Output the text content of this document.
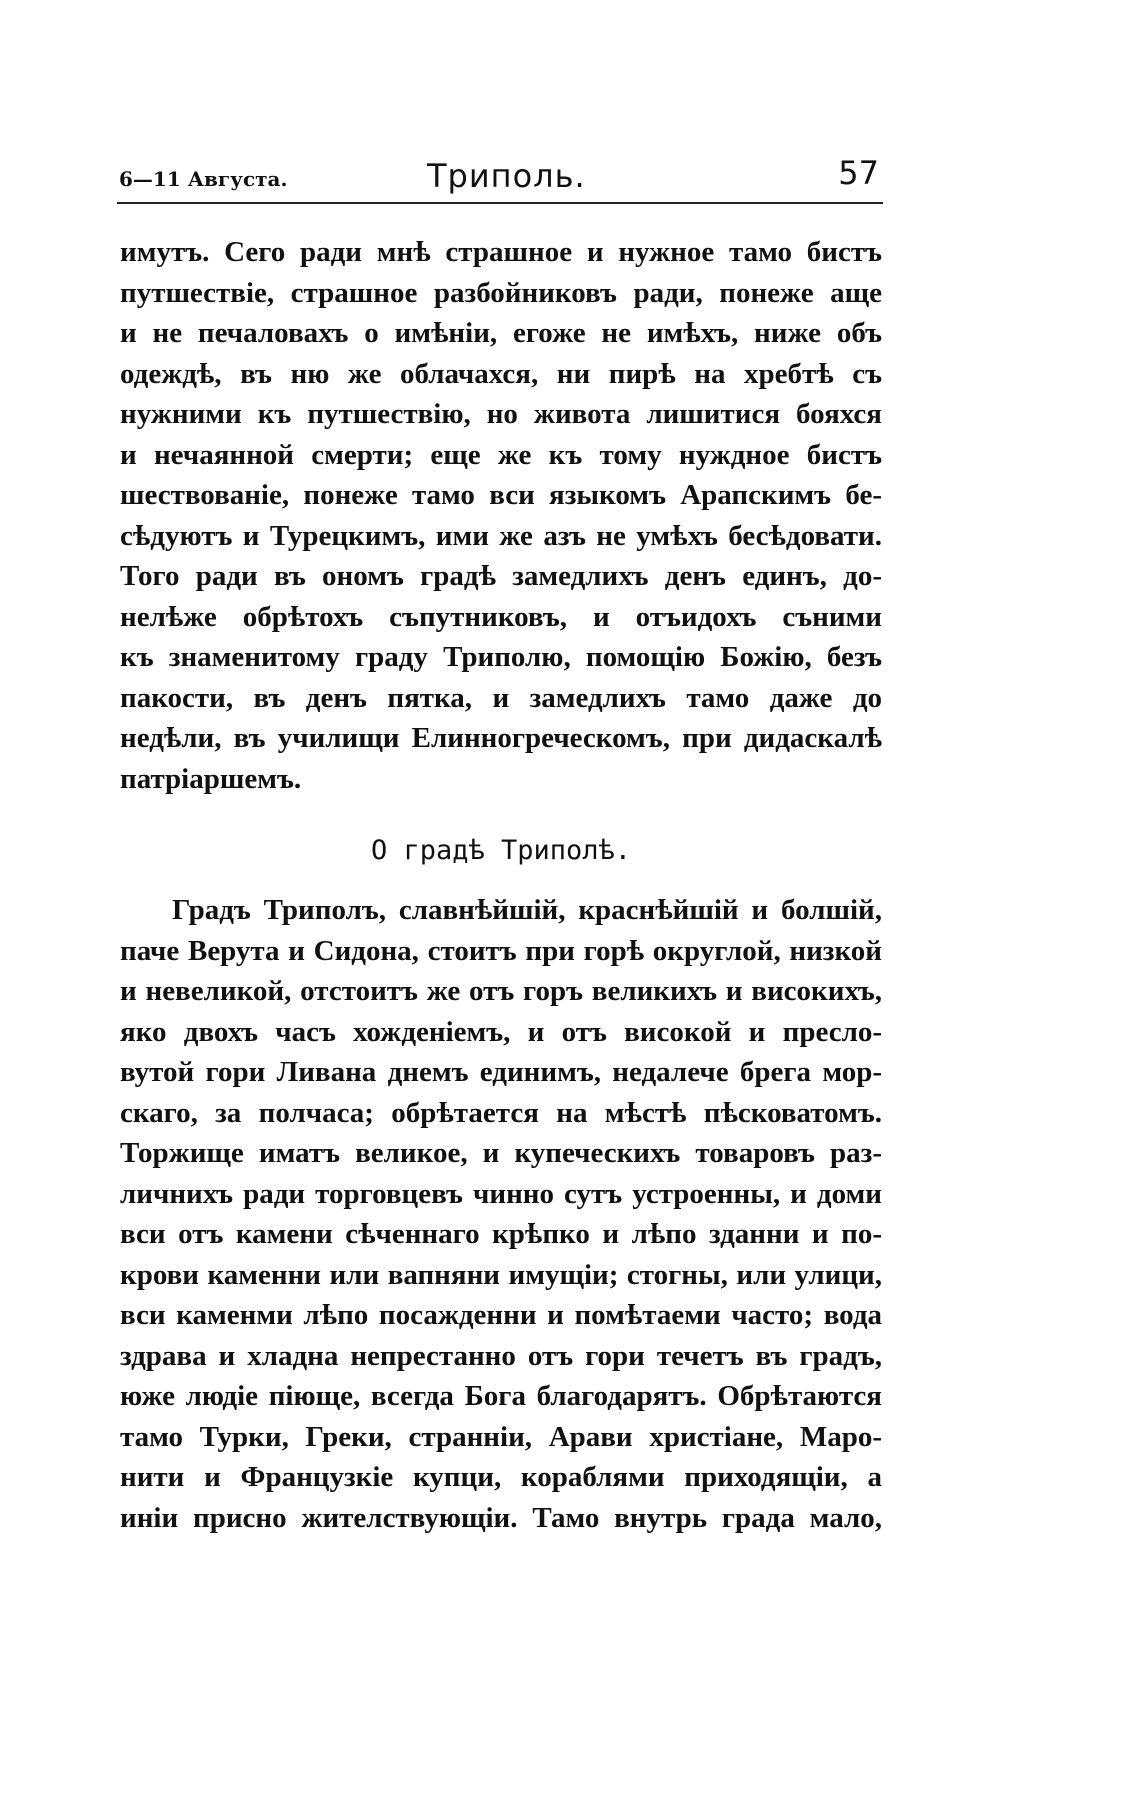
6—11 Августа.	Триполь.	57
имутъ. Сего ради мнѣ страшное и нужное тамо бистъ
путшествіе, страшное разбойниковъ ради, понеже аще
и не печаловахъ о имѣніи, егоже не имѣхъ, ниже объ
одеждѣ, въ ню же облачахся, ни пирѣ на хребтѣ съ
нужними къ путшествію, но живота лишитися бояхся
и нечаянной смерти; еще же къ тому нуждное бистъ
шествованіе, понеже тамо вси языкомъ Арапскимъ бе-
сѣдуютъ и Турецкимъ, ими же азъ не умѣхъ бесѣдовати.
Того ради въ ономъ градѣ замедлихъ денъ единъ, до-
нелѣже обрѣтохъ съпутниковъ, и отъидохъ съними
къ знаменитому граду Триполю, помощію Божію, безъ
пакости, въ денъ пятка, и замедлихъ тамо даже до
недѣли, въ училищи Елинногреческомъ, при дидаскалѣ
патріаршемъ.
О градѣ Триполѣ.
Градъ Триполъ, славнѣйшій, краснѣйшій и болшій,
паче Верута и Сидона, стоитъ при горѣ округлой, низкой
и невеликой, отстоитъ же отъ горъ великихъ и високихъ,
яко двохъ часъ хожденіемъ, и отъ високой и пресло-
вутой гори Ливана днемъ единимъ, недалече брега мор-
скаго, за полчаса; обрѣтается на мѣстѣ пѣсковатомъ.
Торжище иматъ великое, и купеческихъ товаровъ раз-
личнихъ ради торговцевъ чинно сутъ устроенны, и доми
вси отъ камени сѣченнаго крѣпко и лѣпо зданни и по-
крови каменни или вапняни имущіи; стогны, или улици,
вси каменми лѣпо посажденни и помѣтаеми часто; вода
здрава и хладна непрестанно отъ гори течетъ въ градъ,
юже людіе піюще, всегда Бога благодарятъ. Обрѣтаются
тамо Турки, Греки, странніи, Арави христіане, Маро-
нити и Французкіе купци, кораблями приходящіи, а
иніи присно жителствующіи. Тамо внутрь града мало,
